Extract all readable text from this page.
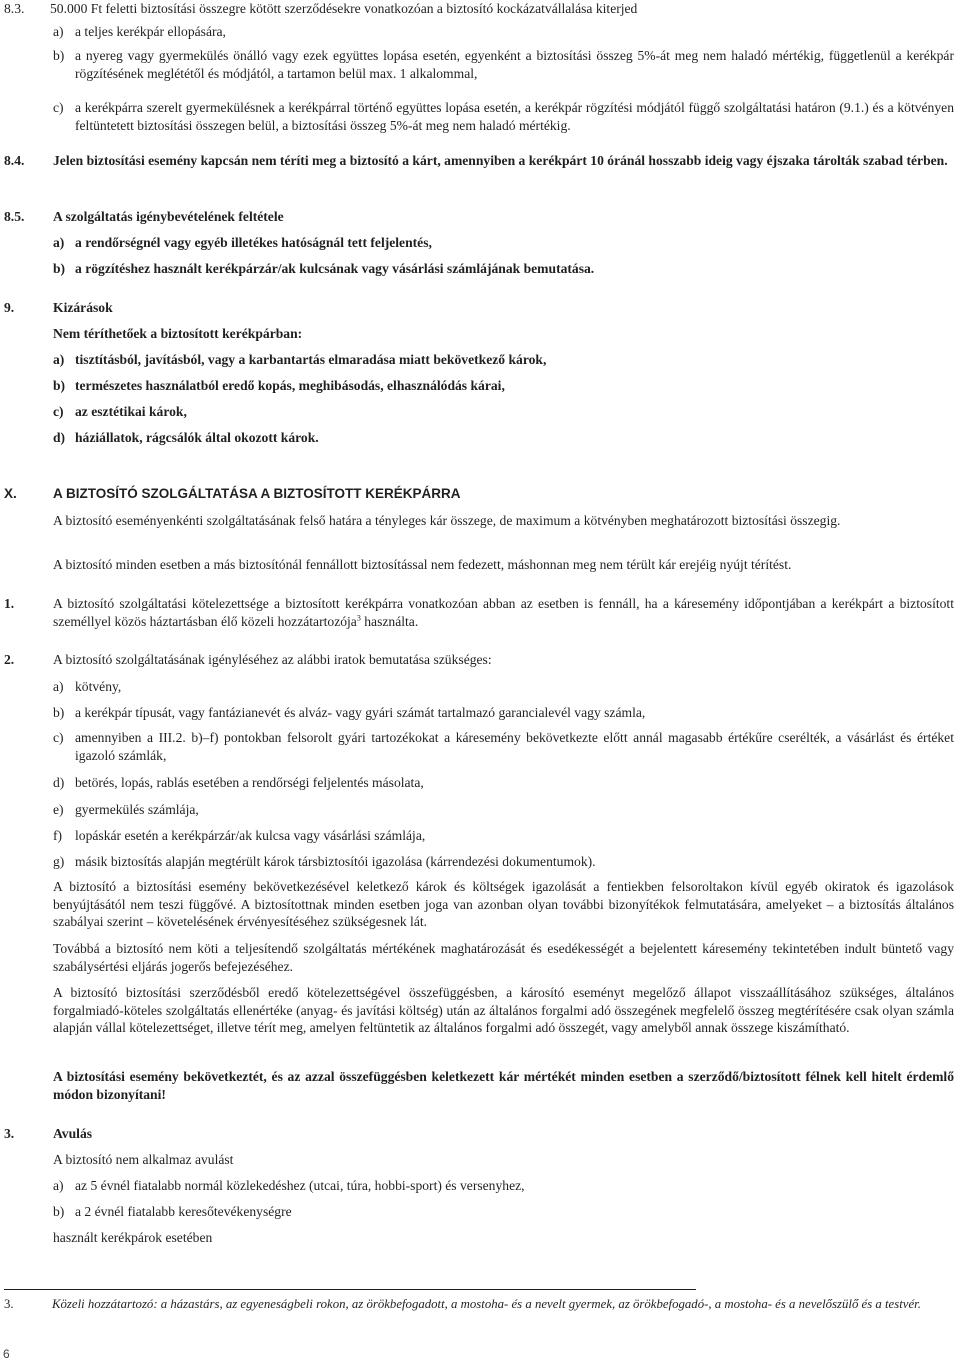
8.3. 50.000 Ft feletti biztosítási összegre kötött szerződésekre vonatkozóan a biztosító kockázatvállalása kiterjed
a) a teljes kerékpár ellopására,
b) a nyereg vagy gyermekülés önálló vagy ezek együttes lopása esetén, egyenként a biztosítási összeg 5%-át meg nem haladó mértékig, függetlenül a kerékpár rögzítésének meglététől és módjától, a tartamon belül max. 1 alkalommal,
c) a kerékpárra szerelt gyermekülésnek a kerékpárral történő együttes lopása esetén, a kerékpár rögzítési módjától függő szolgáltatási határon (9.1.) és a kötvényen feltüntetett biztosítási összegen belül, a biztosítási összeg 5%-át meg nem haladó mértékig.
8.4. Jelen biztosítási esemény kapcsán nem téríti meg a biztosító a kárt, amennyiben a kerékpárt 10 óránál hosszabb ideig vagy éjszaka tárolták szabad térben.
8.5. A szolgáltatás igénybevételének feltétele
a) a rendőrségnél vagy egyéb illetékes hatóságnál tett feljelentés,
b) a rögzítéshez használt kerékpárzár/ak kulcsának vagy vásárlási számlájának bemutatása.
9.	Kizárások
Nem téríthetőek a biztosított kerékpárban:
a) tisztításból, javításból, vagy a karbantartás elmaradása miatt bekövetkező károk,
b) természetes használatból eredő kopás, meghibásodás, elhasználódás kárai,
c) az esztétikai károk,
d) háziállatok, rágcsálók által okozott károk.
X.	A BIZTOSÍTÓ SZOLGÁLTATÁSA A BIZTOSÍTOTT KERÉKPÁRRA
A biztosító eseményenkénti szolgáltatásának felső határa a tényleges kár összege, de maximum a kötvényben meghatározott biztosítási összegig.
A biztosító minden esetben a más biztosítónál fennállott biztosítással nem fedezett, máshonnan meg nem térült kár erejéig nyújt térítést.
1.	A biztosító szolgáltatási kötelezettsége a biztosított kerékpárra vonatkozóan abban az esetben is fennáll, ha a káresemény időpontjában a kerékpárt a biztosított személlyel közös háztartásban élő közeli hozzátartozója$^3$ használta.
2.	A biztosító szolgáltatásának igényléséhez az alábbi iratok bemutatása szükséges:
a) kötvény,
b) a kerékpár típusát, vagy fantázianevét és alváz- vagy gyári számát tartalmazó garancialevél vagy számla,
c) amennyiben a III.2. b)–f) pontokban felsorolt gyári tartozékokat a káresemény bekövetkezte előtt annál magasabb értékűre cserélték, a vásárlást és értéket igazoló számlák,
d) betörés, lopás, rablás esetében a rendőrségi feljelentés másolata,
e) gyermekülés számlája,
f) lopáskár esetén a kerékpárzár/ak kulcsa vagy vásárlási számlája,
g) másik biztosítás alapján megtérült károk társbiztosítói igazolása (kárrendezési dokumentumok).
A biztosító a biztosítási esemény bekövetkezésével keletkező károk és költségek igazolását a fentiekben felsoroltakon kívül egyéb okiratok és igazolások benyújtásától nem teszi függővé. A biztosítottnak minden esetben joga van azonban olyan további bizonyítékok felmutatására, amelyeket – a biztosítás általános szabályai szerint – követelésének érvényesítéséhez szükségesnek lát.
Továbbá a biztosító nem köti a teljesítendő szolgáltatás mértékének maghatározását és esedékességét a bejelentett káresemény tekintetében indult büntető vagy szabálysértési eljárás jogerős befejezéséhez.
A biztosító biztosítási szerződésből eredő kötelezettségével összefüggésben, a károsító eseményt megelőző állapot visszaállításához szükséges, általános forgalmiadó-köteles szolgáltatás ellenértéke (anyag- és javítási költség) után az általános forgalmi adó összegének megfelelő összeg megtérítésére csak olyan számla alapján vállal kötelezettséget, illetve térít meg, amelyen feltüntetik az általános forgalmi adó összegét, vagy amelyből annak összege kiszámítható.
A biztosítási esemény bekövetkeztét, és az azzal összefüggésben keletkezett kár mértékét minden esetben a szerződő/biztosított félnek kell hitelt érdemlő módon bizonyítani!
3.	Avulás
A biztosító nem alkalmaz avulást
a) az 5 évnél fiatalabb normál közlekedéshez (utcai, túra, hobbi-sport) és versenyhez,
b) a 2 évnél fiatalabb keresőtevékenységre
használt kerékpárok esetében
3.	Közeli hozzátartozó: a házastárs, az egyeneságbeli rokon, az örökbefogadott, a mostoha- és a nevelt gyermek, az örökbefogadó-, a mostoha- és a nevelőszülő és a testvér.
6
